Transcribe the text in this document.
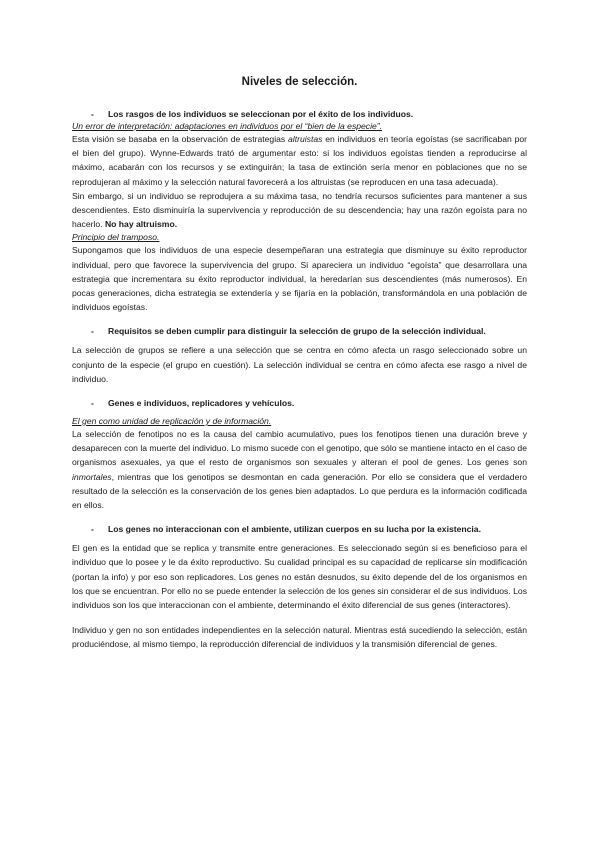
Niveles de selección.
- Los rasgos de los individuos se seleccionan por el éxito de los individuos.
Un error de interpretación: adaptaciones en individuos por el “bien de la especie”.

Esta visión se basaba en la observación de estrategias altruistas en individuos en teoría egoístas (se sacrificaban por el bien del grupo). Wynne-Edwards trató de argumentar esto: si los individuos egoístas tienden a reproducirse al máximo, acabarán con los recursos y se extinguirán; la tasa de extinción sería menor en poblaciones que no se reprodujeran al máximo y la selección natural favorecerá a los altruistas (se reproducen en una tasa adecuada).

Sin embargo, si un individuo se reprodujera a su máxima tasa, no tendría recursos suficientes para mantener a sus descendientes. Esto disminuiría la supervivencia y reproducción de su descendencia; hay una razón egoísta para no hacerlo. No hay altruismo.

Principio del tramposo.

Supongamos que los individuos de una especie desempeñaran una estrategia que disminuye su éxito reproductor individual, pero que favorece la supervivencia del grupo. Si apareciera un individuo “egoísta” que desarrollara una estrategia que incrementara su éxito reproductor individual, la heredarían sus descendientes (más numerosos). En pocas generaciones, dicha estrategia se extendería y se fijaría en la población, transformándola en una población de individuos egoístas.

- Requisitos se deben cumplir para distinguir la selección de grupo de la selección individual.

La selección de grupos se refiere a una selección que se centra en cómo afecta un rasgo seleccionado sobre un conjunto de la especie (el grupo en cuestión). La selección individual se centra en cómo afecta ese rasgo a nivel de individuo.

- Genes e individuos, replicadores y vehículos.
El gen como unidad de replicación y de información.

La selección de fenotipos no es la causa del cambio acumulativo, pues los fenotipos tienen una duración breve y desaparecen con la muerte del individuo. Lo mismo sucede con el genotipo, que sólo se mantiene intacto en el caso de organismos asexuales, ya que el resto de organismos son sexuales y alteran el pool de genes. Los genes son inmortales, mientras que los genotipos se desmontan en cada generación. Por ello se considera que el verdadero resultado de la selección es la conservación de los genes bien adaptados. Lo que perdura es la información codificada en ellos.

- Los genes no interaccionan con el ambiente, utilizan cuerpos en su lucha por la existencia.

El gen es la entidad que se replica y transmite entre generaciones. Es seleccionado según si es beneficioso para el individuo que lo posee y le da éxito reproductivo. Su cualidad principal es su capacidad de replicarse sin modificación (portan la info) y por eso son replicadores. Los genes no están desnudos, su éxito depende del de los organismos en los que se encuentran. Por ello no se puede entender la selección de los genes sin considerar el de sus individuos. Los individuos son los que interaccionan con el ambiente, determinando el éxito diferencial de sus genes (interactores).

Individuo y gen no son entidades independientes en la selección natural. Mientras está sucediendo la selección, están produciéndose, al mismo tiempo, la reproducción diferencial de individuos y la transmisión diferencial de genes.
